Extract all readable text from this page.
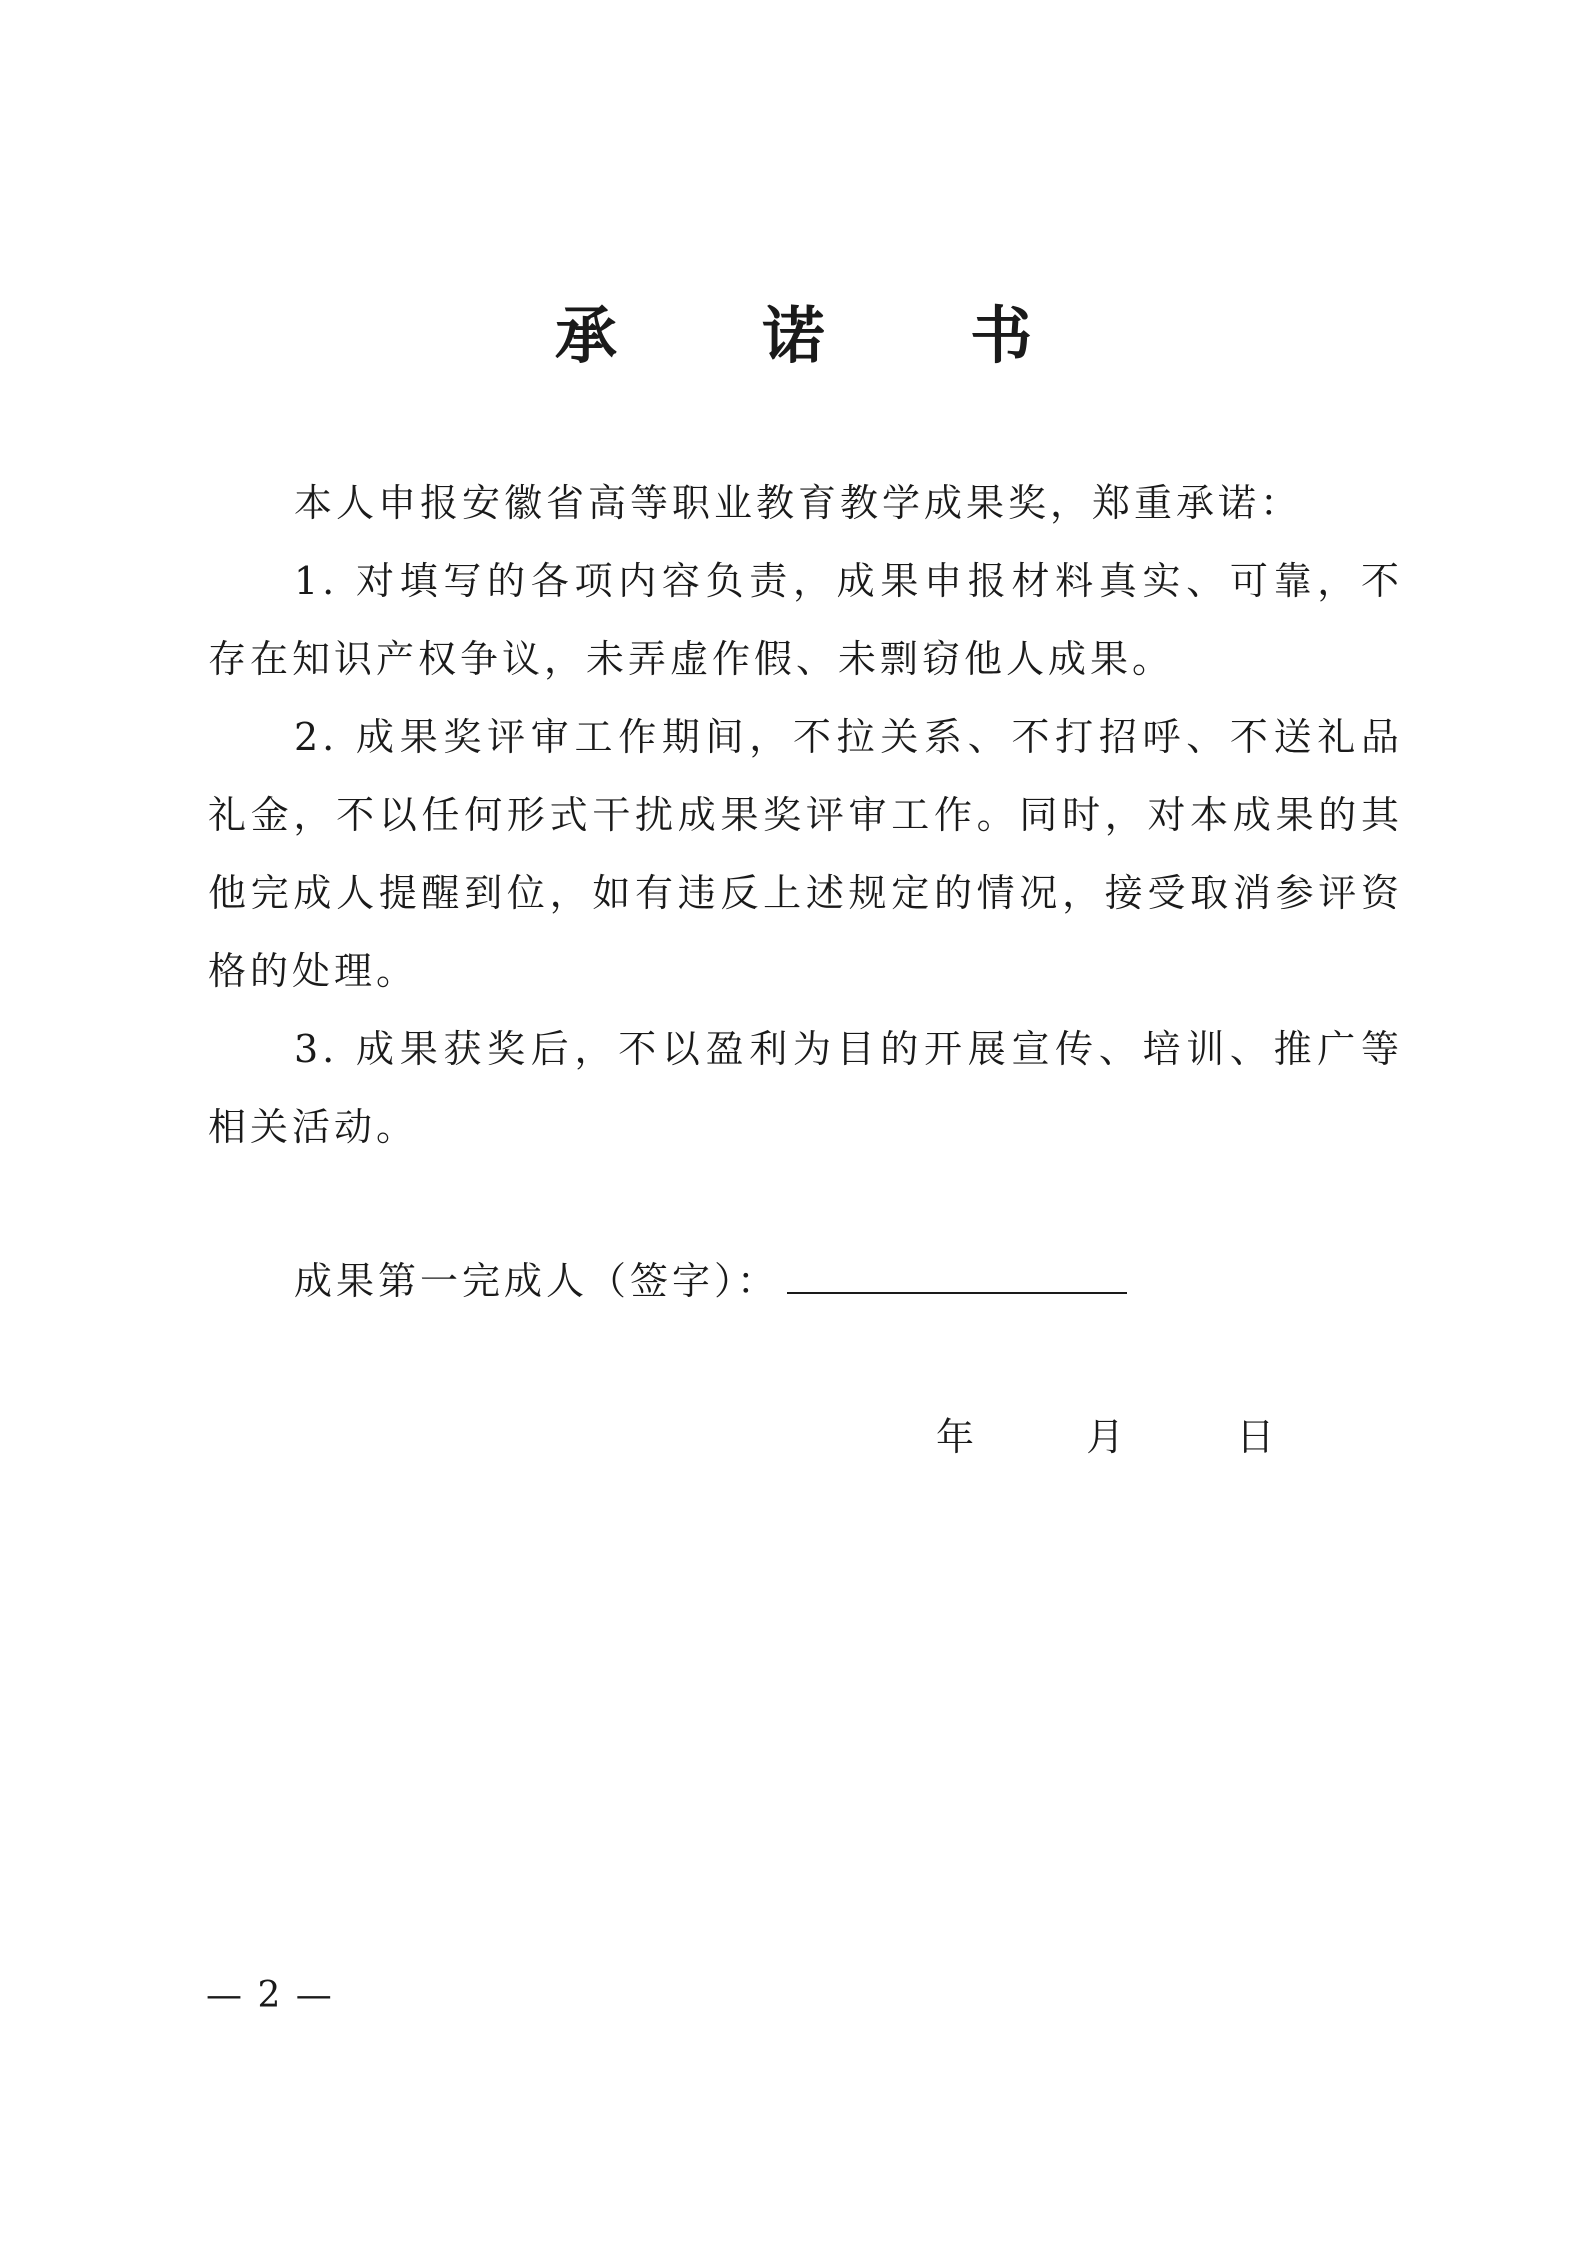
承 诺 书

本人申报安徽省高等职业教育教学成果奖，郑重承诺：

1. 对填写的各项内容负责，成果申报材料真实、可靠，不存在知识产权争议，未弄虚作假、未剽窃他人成果。

2. 成果奖评审工作期间，不拉关系、不打招呼、不送礼品礼金，不以任何形式干扰成果奖评审工作。同时，对本成果的其他完成人提醒到位，如有违反上述规定的情况，接受取消参评资格的处理。

3. 成果获奖后，不以盈利为目的开展宣传、培训、推广等相关活动。

成果第一完成人（签字）：
年	月	日
— 2 —
